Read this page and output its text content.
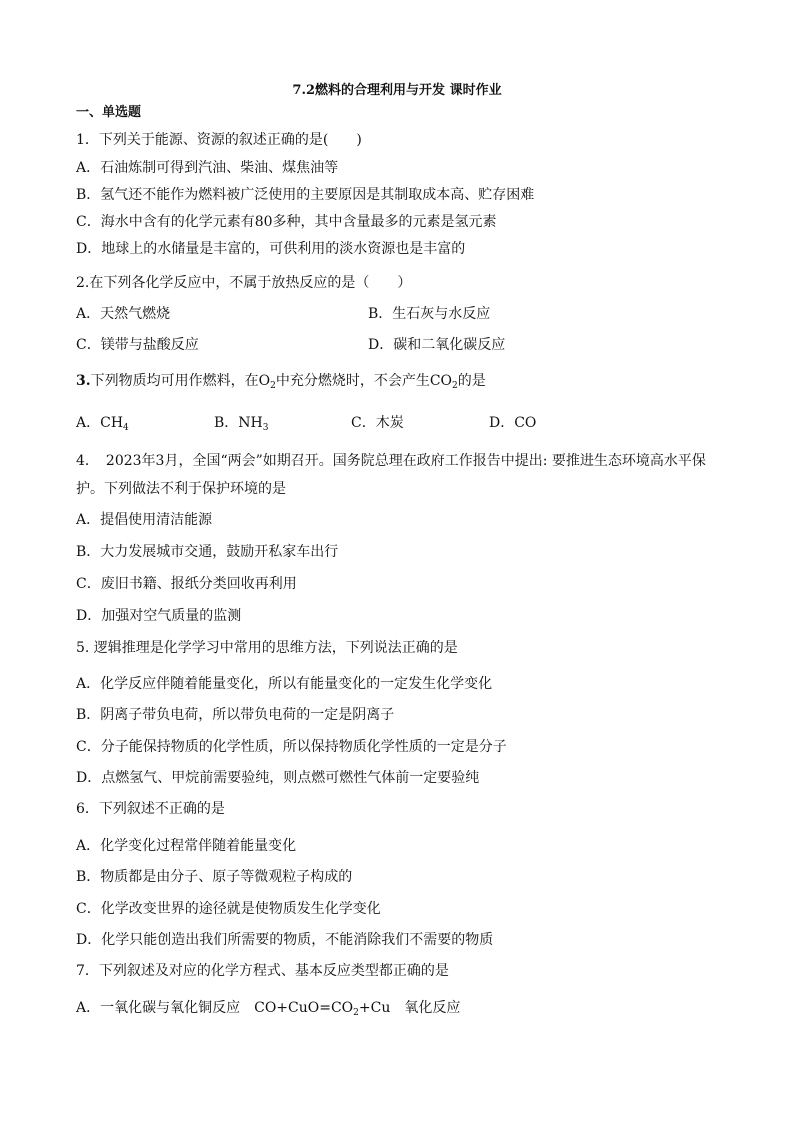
7.2燃料的合理利用与开发 课时作业
一、单选题
1．下列关于能源、资源的叙述正确的是(　　)
A．石油炼制可得到汽油、柴油、煤焦油等
B．氢气还不能作为燃料被广泛使用的主要原因是其制取成本高、贮存困难
C．海水中含有的化学元素有80多种，其中含量最多的元素是氢元素
D．地球上的水储量是丰富的，可供利用的淡水资源也是丰富的
2.在下列各化学反应中，不属于放热反应的是（　　）
A．天然气燃烧	B．生石灰与水反应
C．镁带与盐酸反应	D．碳和二氧化碳反应
3.下列物质均可用作燃料，在$O_2$中充分燃烧时，不会产生$CO_2$的是
A．$CH_4$	B．$NH_3$	C．木炭	D．CO
4．　2023年3月，全国“两会”如期召开。国务院总理在政府工作报告中提出: 要推进生态环境高水平保
护。下列做法不利于保护环境的是
A．提倡使用清洁能源
B．大力发展城市交通，鼓励开私家车出行
C．废旧书籍、报纸分类回收再利用
D．加强对空气质量的监测
5. 逻辑推理是化学学习中常用的思维方法，下列说法正确的是
A．化学反应伴随着能量变化，所以有能量变化的一定发生化学变化
B．阴离子带负电荷，所以带负电荷的一定是阴离子
C．分子能保持物质的化学性质，所以保持物质化学性质的一定是分子
D．点燃氢气、甲烷前需要验纯，则点燃可燃性气体前一定要验纯
6．下列叙述不正确的是
A．化学变化过程常伴随着能量变化
B．物质都是由分子、原子等微观粒子构成的
C．化学改变世界的途径就是使物质发生化学变化
D．化学只能创造出我们所需要的物质，不能消除我们不需要的物质
7．下列叙述及对应的化学方程式、基本反应类型都正确的是
A．一氧化碳与氧化铜反应　$CO+CuO=CO_2+Cu$　氧化反应
